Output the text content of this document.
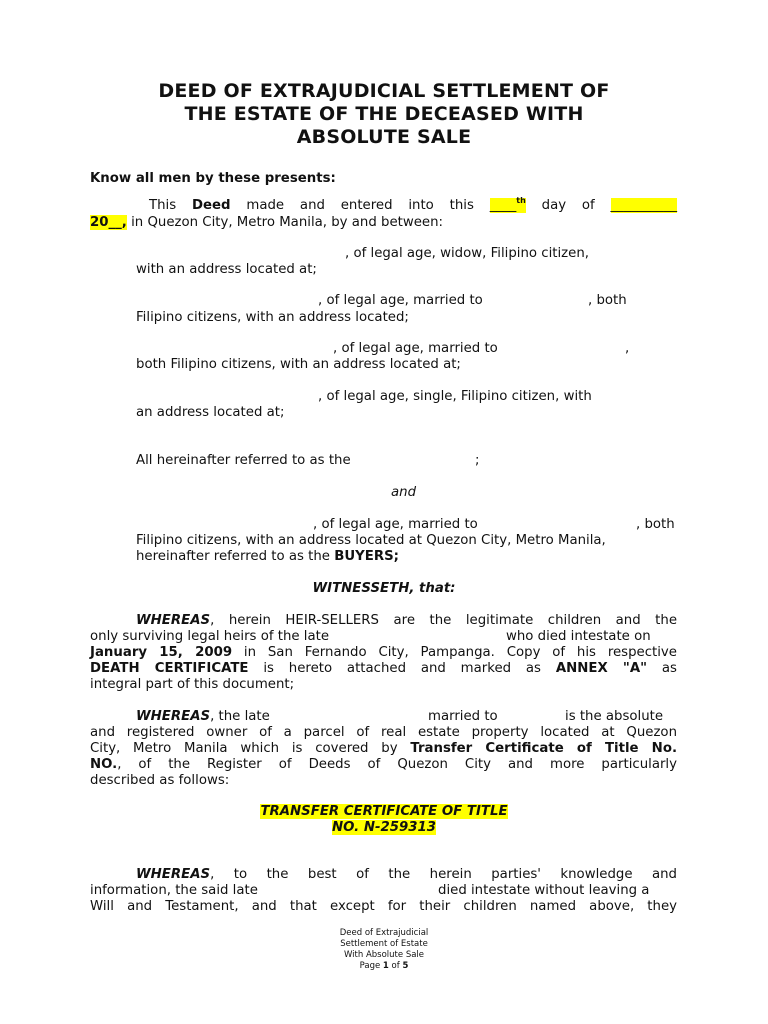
DEED OF EXTRAJUDICIAL SETTLEMENT OF
THE ESTATE OF THE DECEASED WITH
ABSOLUTE SALE
Know all men by these presents:
This Deed made and entered into this ____$^{th}$ day of __________
20__, in Quezon City, Metro Manila, by and between:
, of legal age, widow, Filipino citizen,
with an address located at;
, of legal age, married to	, both
Filipino citizens, with an address located;
, of legal age, married to	,
both Filipino citizens, with an address located at;
, of legal age, single, Filipino citizen, with
an address located at;
All hereinafter referred to as the	;
and
, of legal age, married to	, both
Filipino citizens, with an address located at Quezon City, Metro Manila,
hereinafter referred to as the BUYERS;
WITNESSETH, that:
WHEREAS, herein HEIR-SELLERS are the legitimate children and the
only surviving legal heirs of the late	who died intestate on
January 15, 2009 in San Fernando City, Pampanga. Copy of his respective
DEATH CERTIFICATE is hereto attached and marked as ANNEX "A" as
integral part of this document;
WHEREAS, the late	married to	is the absolute
and registered owner of a parcel of real estate property located at Quezon
City, Metro Manila which is covered by Transfer Certificate of Title No.
NO., of the Register of Deeds of Quezon City and more particularly
described as follows:
TRANSFER CERTIFICATE OF TITLE
NO. N-259313
WHEREAS, to the best of the herein parties' knowledge and
information, the said late	died intestate without leaving a
Will and Testament, and that except for their children named above, they
Deed of Extrajudicial
Settlement of Estate
With Absolute Sale
Page 1 of 5
